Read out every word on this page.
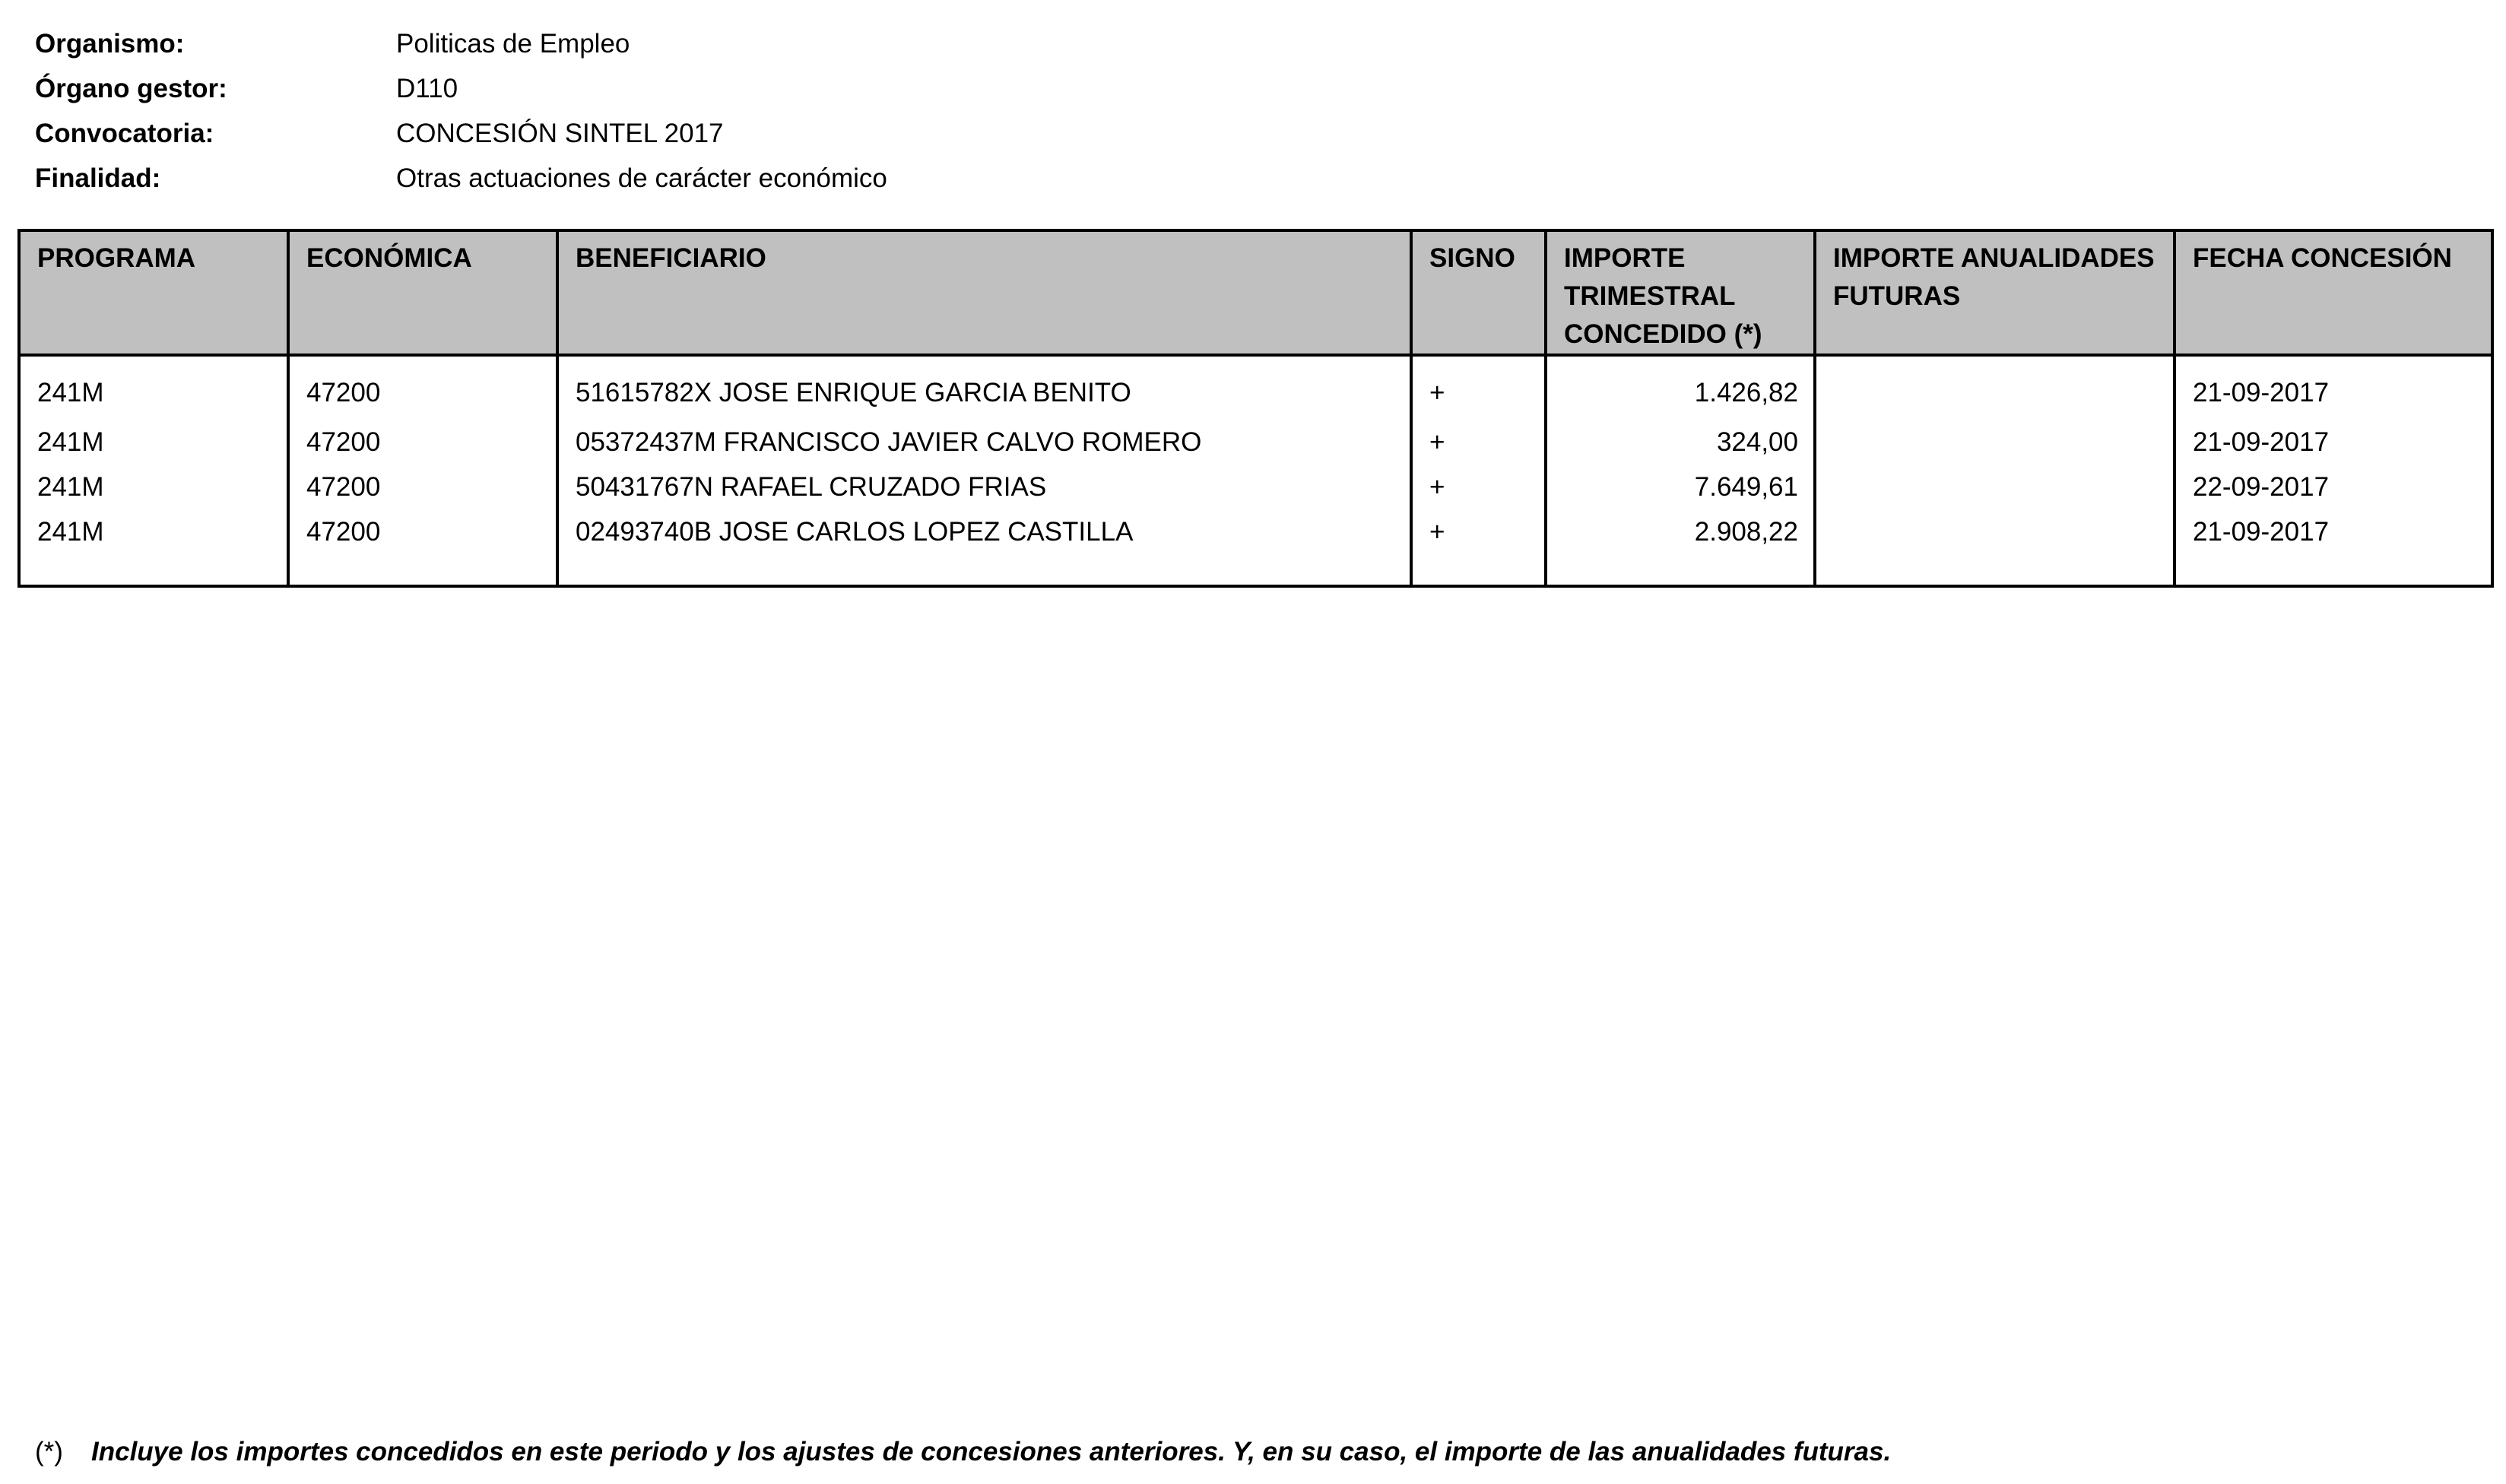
Organismo:	Politicas de Empleo
Órgano gestor:	D110
Convocatoria:	CONCESIÓN SINTEL 2017
Finalidad:	Otras actuaciones de carácter económico
PROGRAMA	ECONÓMICA	BENEFICIARIO	SIGNO	IMPORTE TRIMESTRAL CONCEDIDO (*)	IMPORTE ANUALIDADES FUTURAS	FECHA CONCESIÓN
241M	47200	51615782X JOSE ENRIQUE GARCIA BENITO	+	1.426,82		21-09-2017
241M	47200	05372437M FRANCISCO JAVIER CALVO ROMERO	+	324,00		21-09-2017
241M	47200	50431767N RAFAEL CRUZADO FRIAS	+	7.649,61		22-09-2017
241M	47200	02493740B JOSE CARLOS LOPEZ CASTILLA	+	2.908,22		21-09-2017

(*)	Incluye los importes concedidos en este periodo y los ajustes de concesiones anteriores. Y, en su caso, el importe de las anualidades futuras.
